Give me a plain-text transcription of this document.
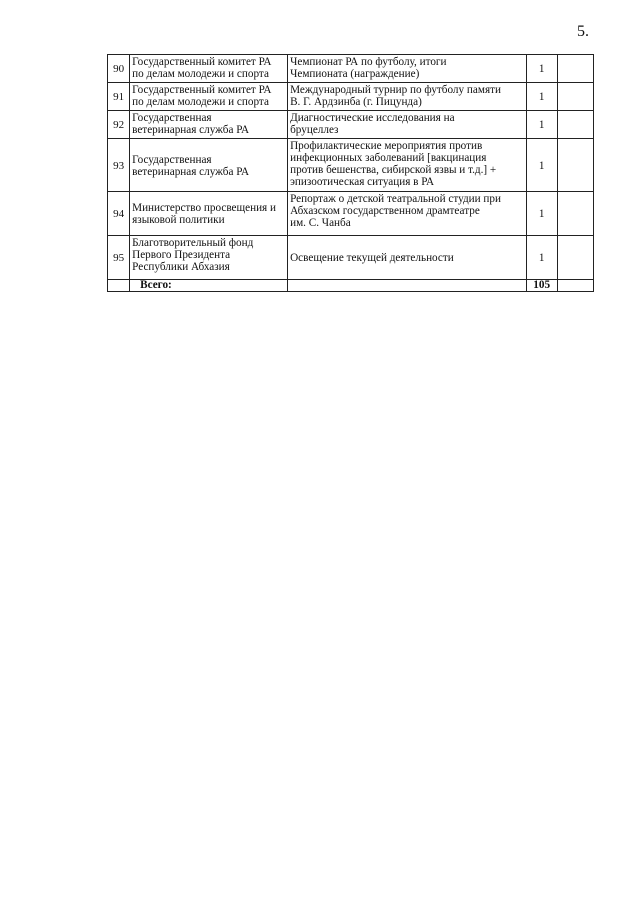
5.
90	Государственный комитет РА
по делам молодежи и спорта	Чемпионат РА по футболу, итоги
Чемпионата (награждение)	1	
91	Государственный комитет РА
по делам молодежи и спорта	Международный турнир по футболу памяти
В. Г. Ардзинба (г. Пицунда)	1	
92	Государственная
ветеринарная служба РА	Диагностические исследования на
бруцеллез	1	
93	Государственная
ветеринарная служба РА	Профилактические мероприятия против
инфекционных заболеваний [вакцинация
против бешенства, сибирской язвы и т.д.] +
эпизоотическая ситуация в РА	1	
94	Министерство просвещения и
языковой политики	Репортаж о детской театральной студии при
Абхазском государственном драмтеатре
им. С. Чанба	1	
95	Благотворительный фонд
Первого Президента
Республики Абхазия	Освещение текущей деятельности	1	
	Всего:		105	
